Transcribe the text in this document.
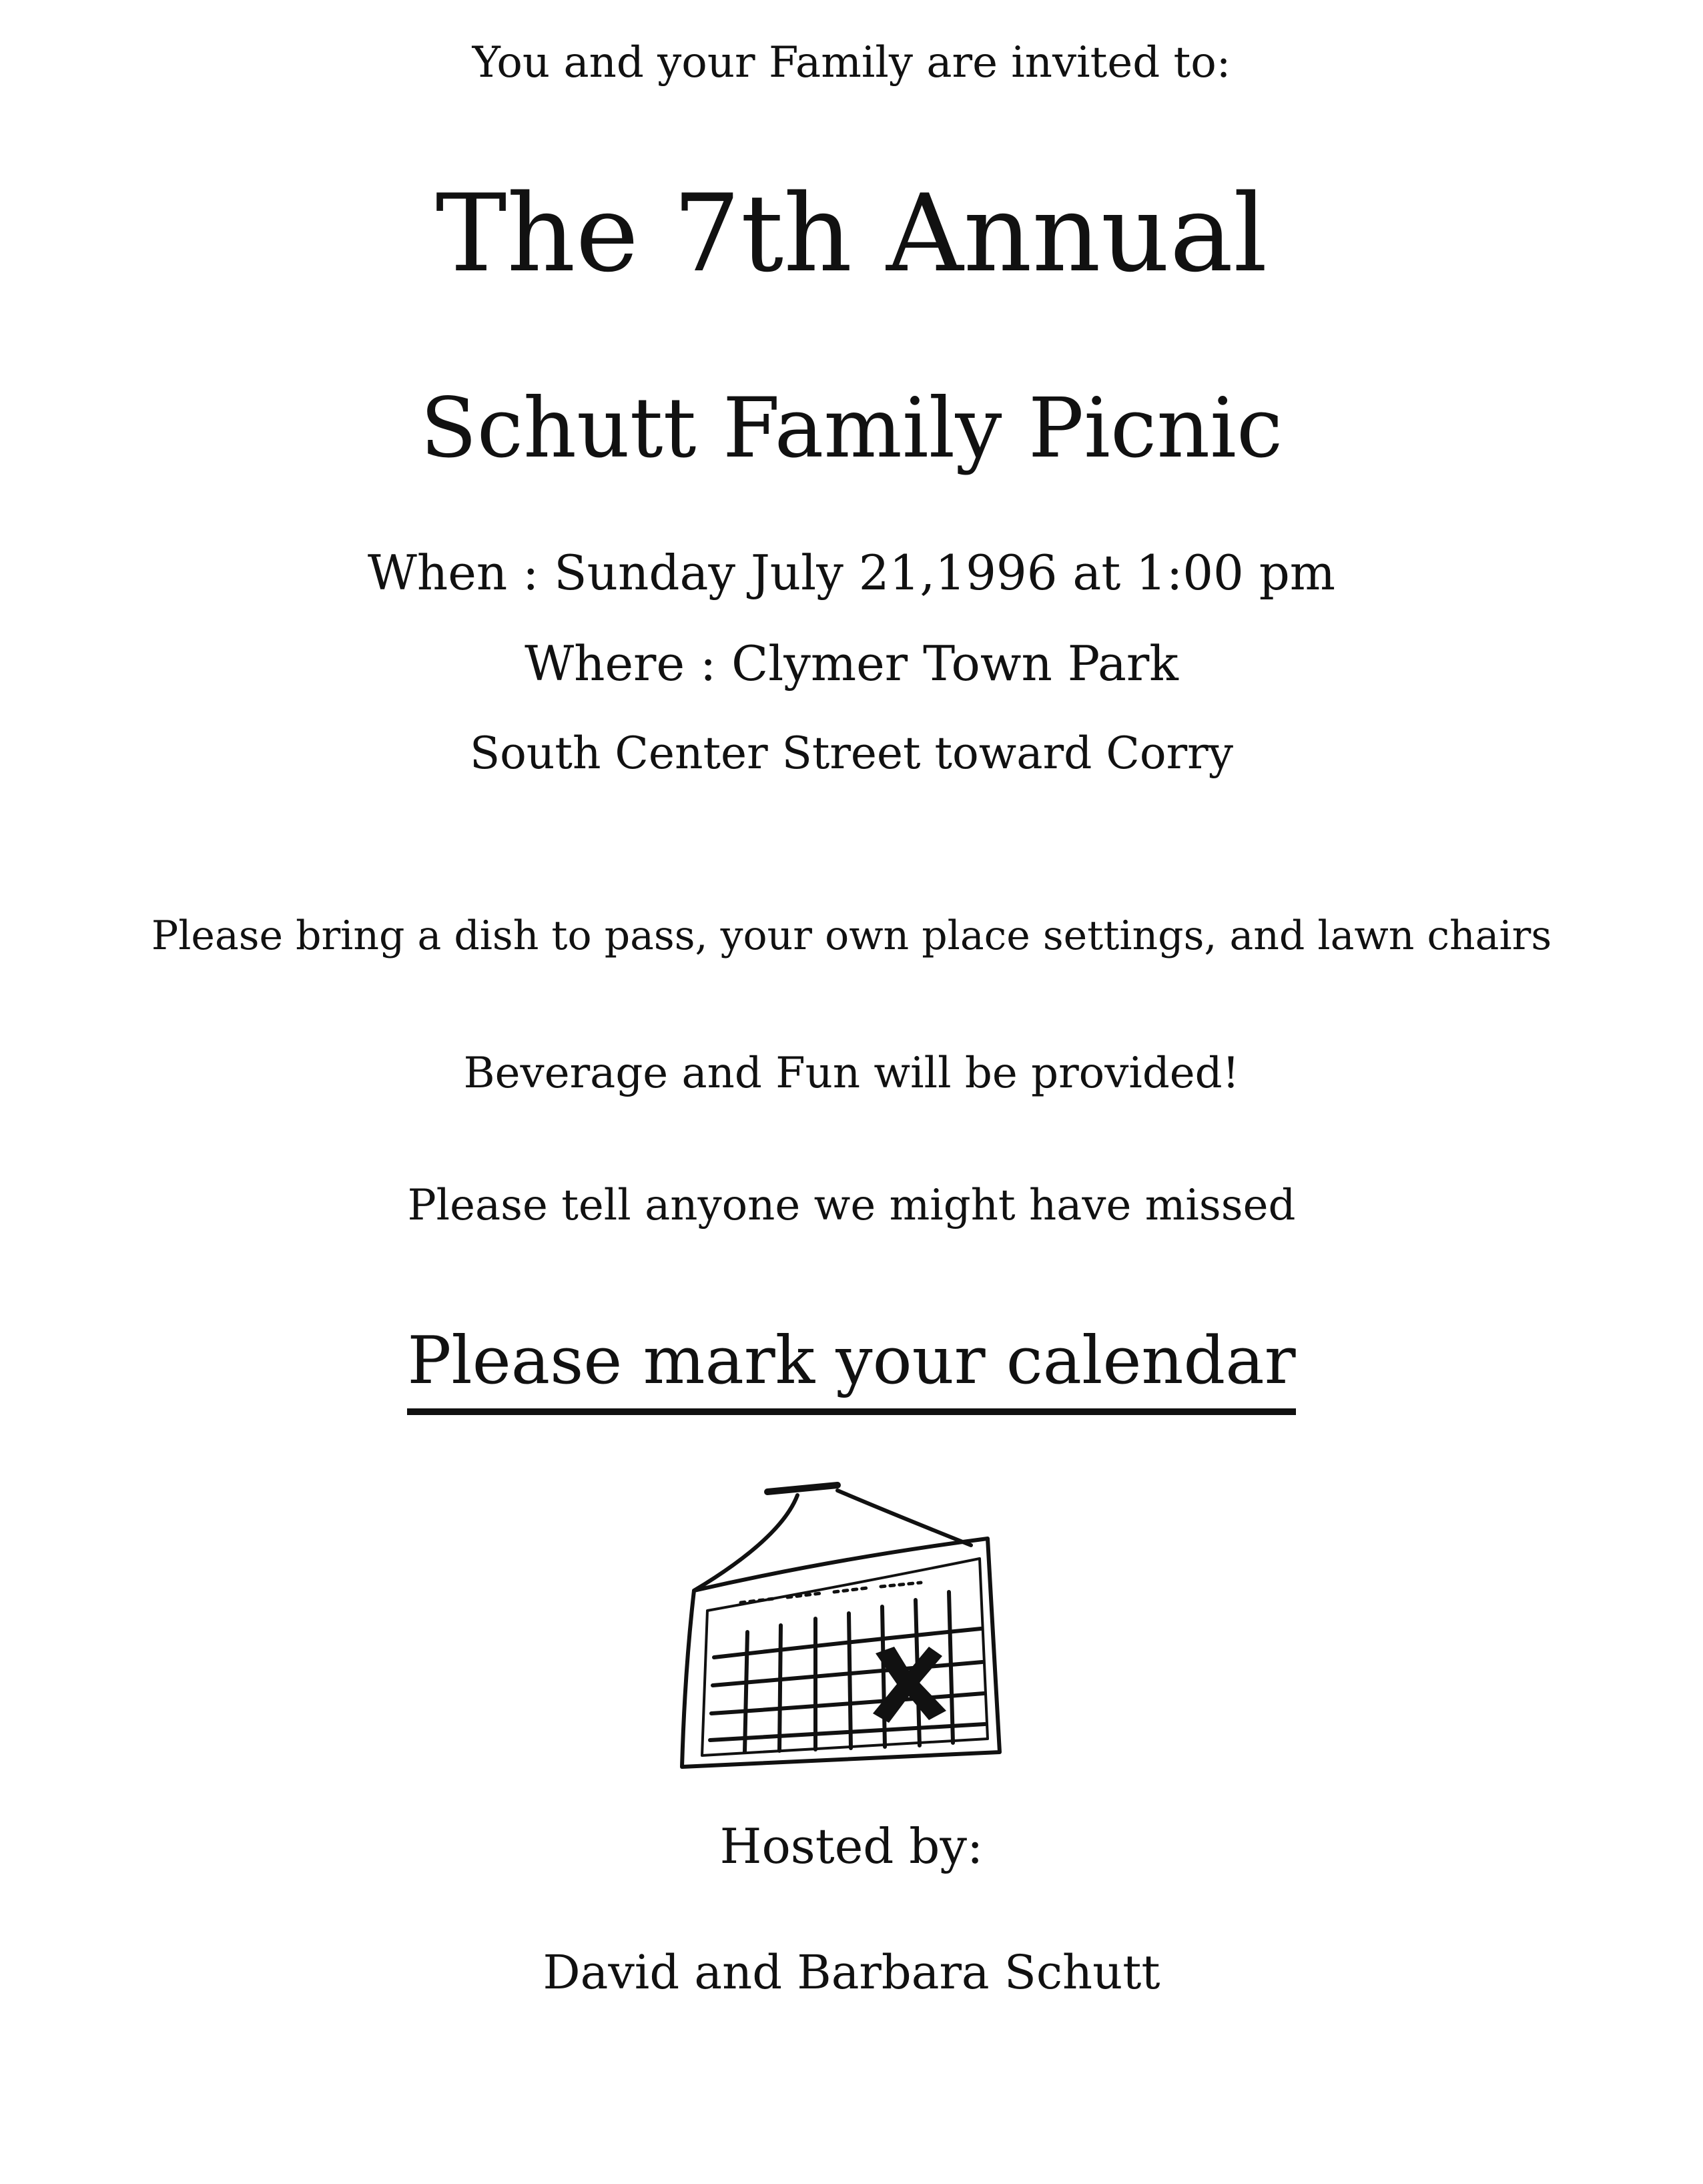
You and your Family are invited to:
The 7th Annual
Schutt Family Picnic
When : Sunday July 21,1996 at 1:00 pm
Where : Clymer Town Park
South Center Street toward Corry
Please bring a dish to pass, your own place settings, and lawn chairs
Beverage and Fun will be provided!
Please tell anyone we might have missed
Please mark your calendar
Hosted by:
David and Barbara Schutt
